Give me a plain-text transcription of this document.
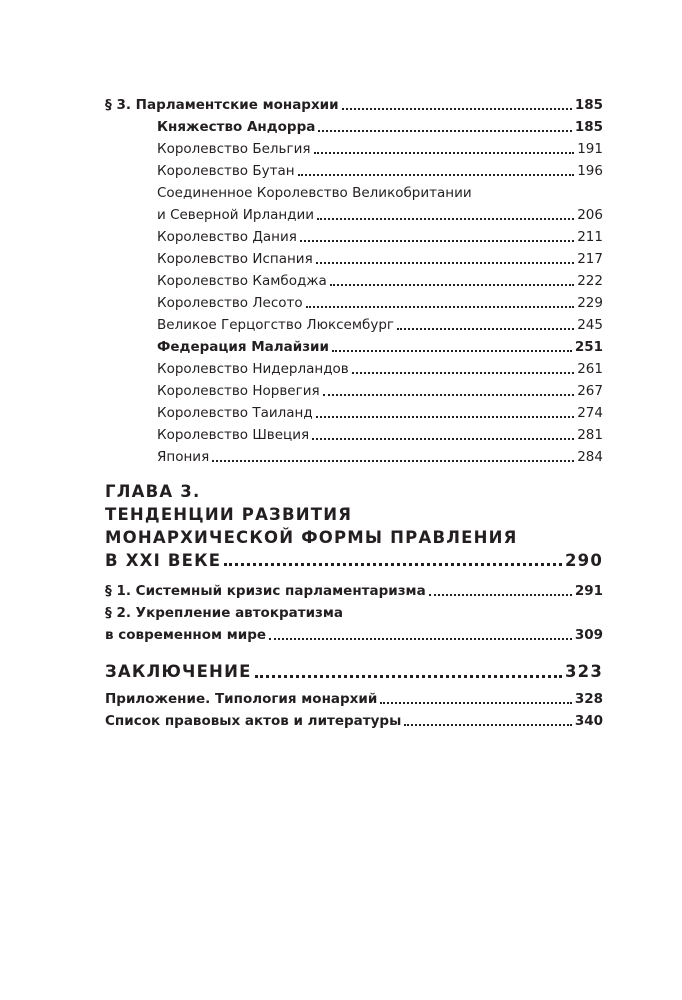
§ 3. Парламентские монархии	185
Княжество Андорра	185
Королевство Бельгия	191
Королевство Бутан	196
Соединенное Королевство Великобритании
и Северной Ирландии	206
Королевство Дания	211
Королевство Испания	217
Королевство Камбоджа	222
Королевство Лесото	229
Великое Герцогство Люксембург	245
Федерация Малайзии	251
Королевство Нидерландов	261
Королевство Норвегия	267
Королевство Таиланд	274
Королевство Швеция	281
Япония	284
ГЛАВА 3.
ТЕНДЕНЦИИ РАЗВИТИЯ
МОНАРХИЧЕСКОЙ ФОРМЫ ПРАВЛЕНИЯ
В XXI ВЕКЕ	290
§ 1. Системный кризис парламентаризма	291
§ 2. Укрепление автократизма
в современном мире	309
ЗАКЛЮЧЕНИЕ	323
Приложение. Типология монархий	328
Список правовых актов и литературы	340
